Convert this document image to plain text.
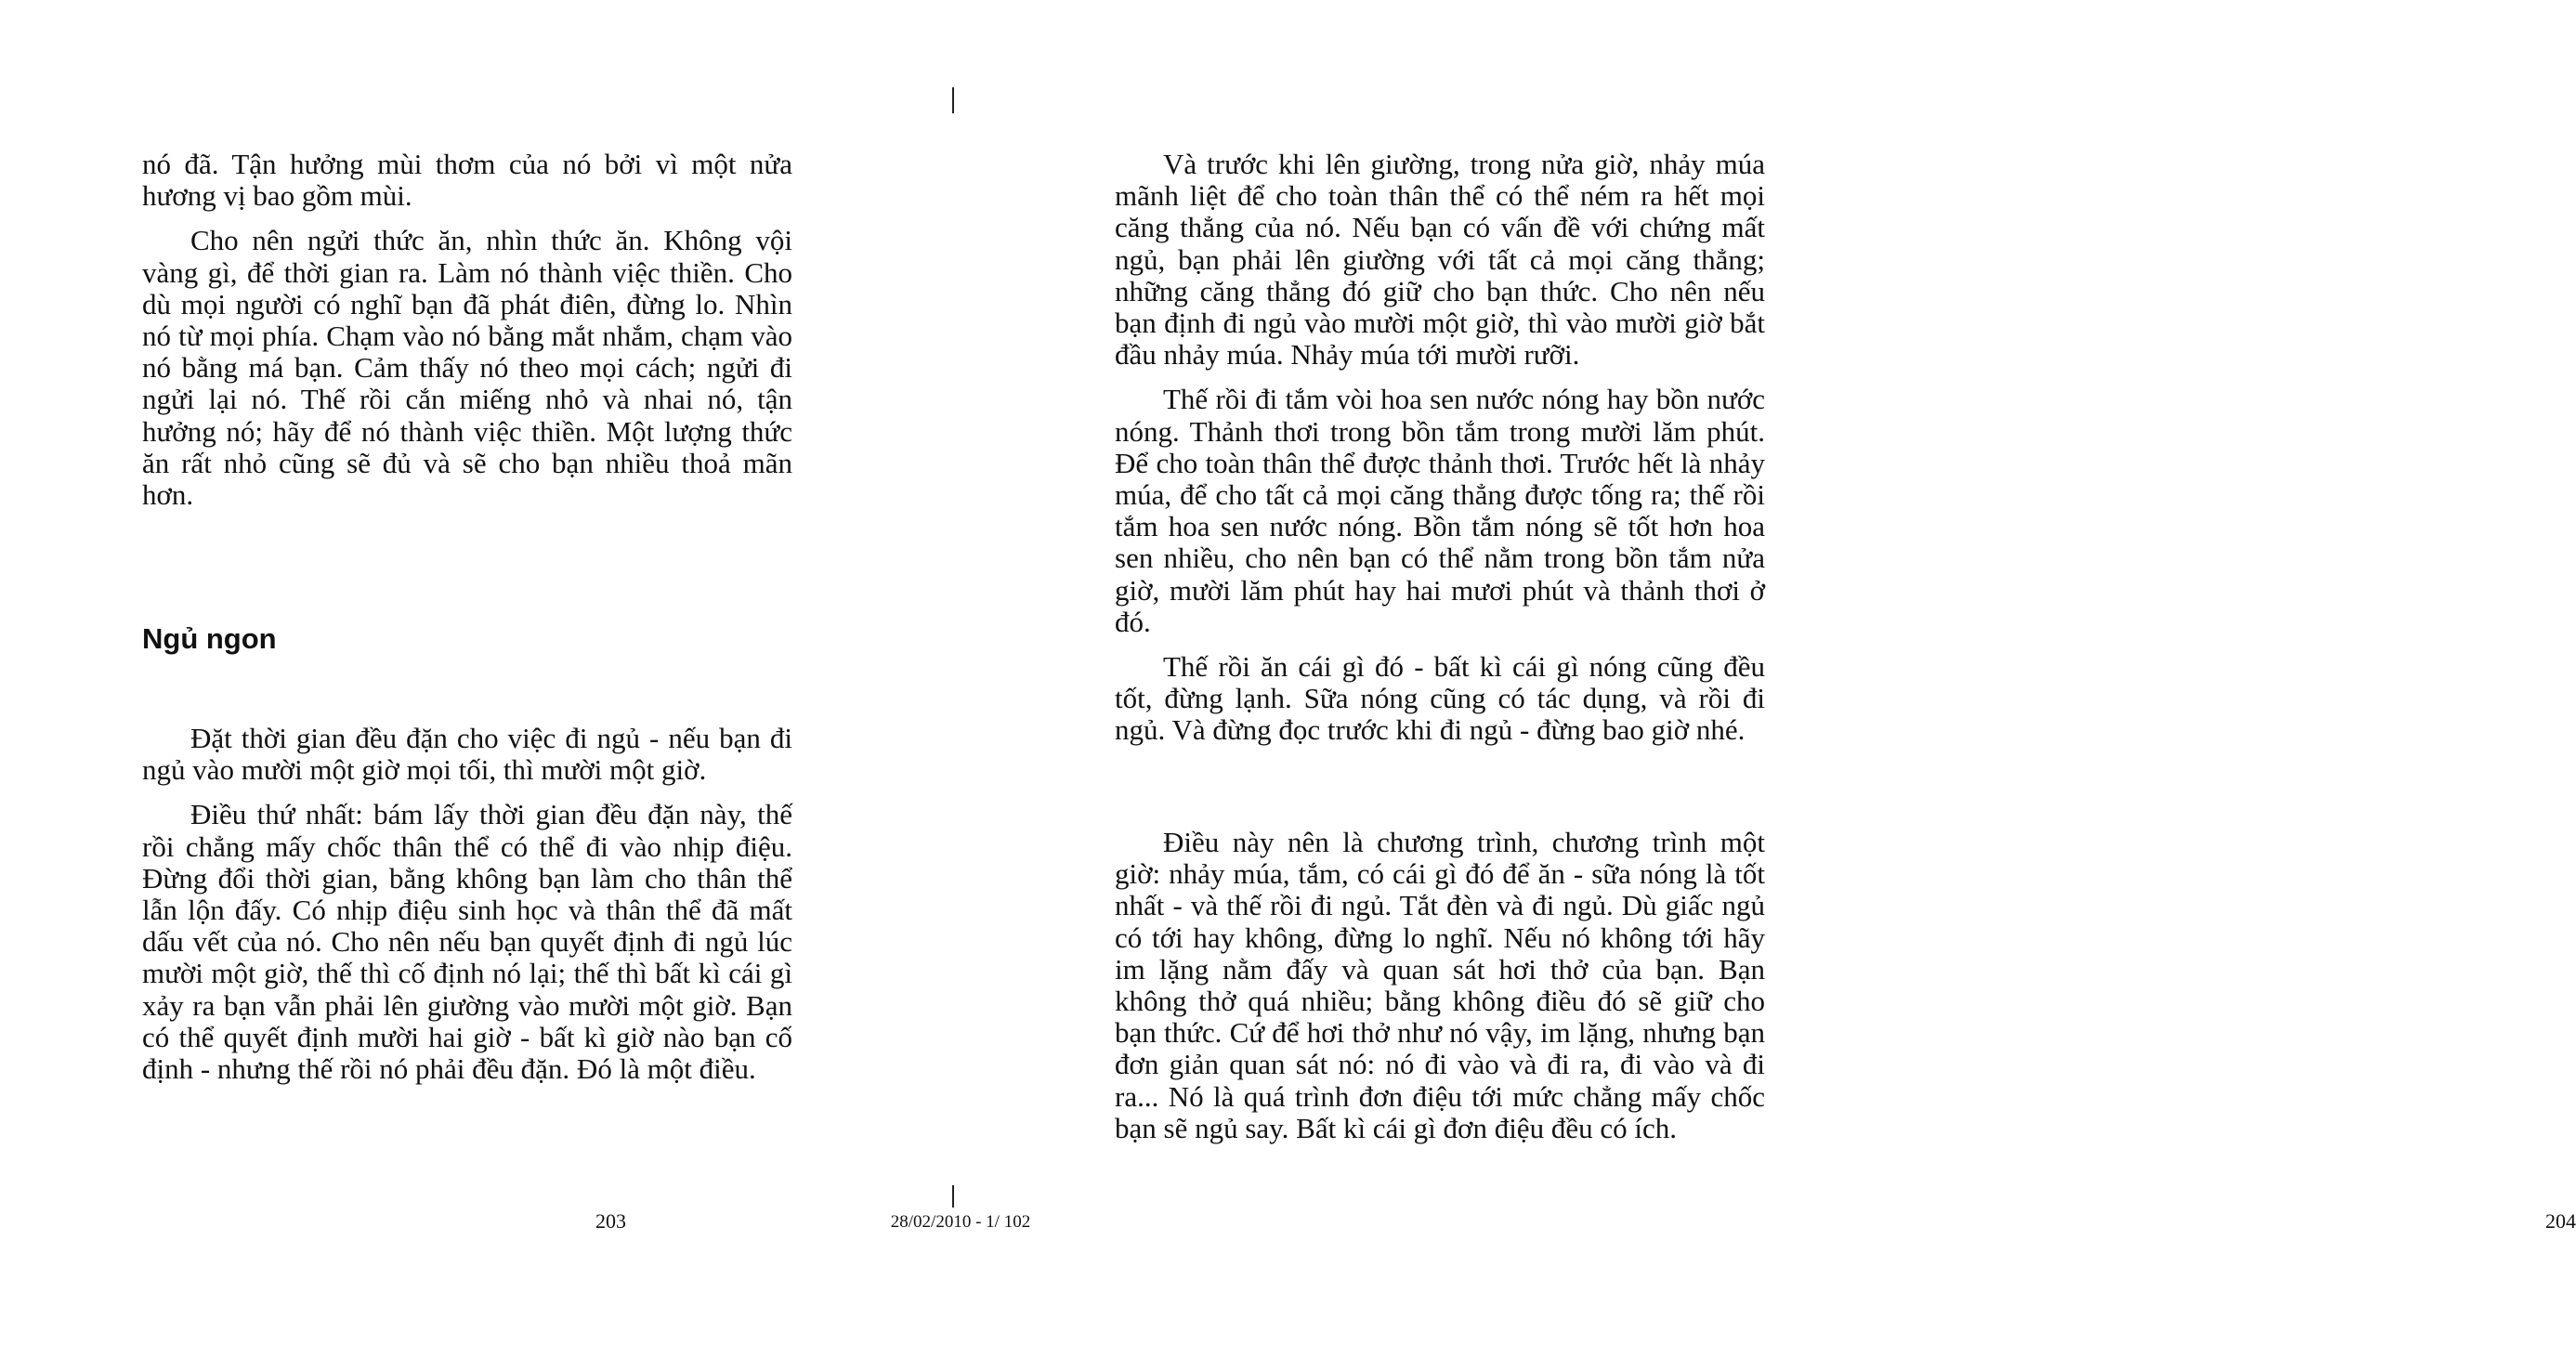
nó đã. Tận hưởng mùi thơm của nó bởi vì một nửa hương vị bao gồm mùi.

Cho nên ngửi thức ăn, nhìn thức ăn. Không vội vàng gì, để thời gian ra. Làm nó thành việc thiền. Cho dù mọi người có nghĩ bạn đã phát điên, đừng lo. Nhìn nó từ mọi phía. Chạm vào nó bằng mắt nhắm, chạm vào nó bằng má bạn. Cảm thấy nó theo mọi cách; ngửi đi ngửi lại nó. Thế rồi cắn miếng nhỏ và nhai nó, tận hưởng nó; hãy để nó thành việc thiền. Một lượng thức ăn rất nhỏ cũng sẽ đủ và sẽ cho bạn nhiều thoả mãn hơn.

Ngủ ngon

Đặt thời gian đều đặn cho việc đi ngủ - nếu bạn đi ngủ vào mười một giờ mọi tối, thì mười một giờ.

Điều thứ nhất: bám lấy thời gian đều đặn này, thế rồi chẳng mấy chốc thân thể có thể đi vào nhịp điệu. Đừng đổi thời gian, bằng không bạn làm cho thân thể lẫn lộn đấy. Có nhịp điệu sinh học và thân thể đã mất dấu vết của nó. Cho nên nếu bạn quyết định đi ngủ lúc mười một giờ, thế thì cố định nó lại; thế thì bất kì cái gì xảy ra bạn vẫn phải lên giường vào mười một giờ. Bạn có thể quyết định mười hai giờ - bất kì giờ nào bạn cố định - nhưng thế rồi nó phải đều đặn. Đó là một điều.

203

Và trước khi lên giường, trong nửa giờ, nhảy múa mãnh liệt để cho toàn thân thể có thể ném ra hết mọi căng thẳng của nó. Nếu bạn có vấn đề với chứng mất ngủ, bạn phải lên giường với tất cả mọi căng thẳng; những căng thẳng đó giữ cho bạn thức. Cho nên nếu bạn định đi ngủ vào mười một giờ, thì vào mười giờ bắt đầu nhảy múa. Nhảy múa tới mười rưỡi.

Thế rồi đi tắm vòi hoa sen nước nóng hay bồn nước nóng. Thảnh thơi trong bồn tắm trong mười lăm phút. Để cho toàn thân thể được thảnh thơi. Trước hết là nhảy múa, để cho tất cả mọi căng thẳng được tống ra; thế rồi tắm hoa sen nước nóng. Bồn tắm nóng sẽ tốt hơn hoa sen nhiều, cho nên bạn có thể nằm trong bồn tắm nửa giờ, mười lăm phút hay hai mươi phút và thảnh thơi ở đó.

Thế rồi ăn cái gì đó - bất kì cái gì nóng cũng đều tốt, đừng lạnh. Sữa nóng cũng có tác dụng, và rồi đi ngủ. Và đừng đọc trước khi đi ngủ - đừng bao giờ nhé.

Điều này nên là chương trình, chương trình một giờ: nhảy múa, tắm, có cái gì đó để ăn - sữa nóng là tốt nhất - và thế rồi đi ngủ. Tắt đèn và đi ngủ. Dù giấc ngủ có tới hay không, đừng lo nghĩ. Nếu nó không tới hãy im lặng nằm đấy và quan sát hơi thở của bạn. Bạn không thở quá nhiều; bằng không điều đó sẽ giữ cho bạn thức. Cứ để hơi thở như nó vậy, im lặng, nhưng bạn đơn giản quan sát nó: nó đi vào và đi ra, đi vào và đi ra... Nó là quá trình đơn điệu tới mức chẳng mấy chốc bạn sẽ ngủ say. Bất kì cái gì đơn điệu đều có ích.

204
28/02/2010 - 1/ 102
